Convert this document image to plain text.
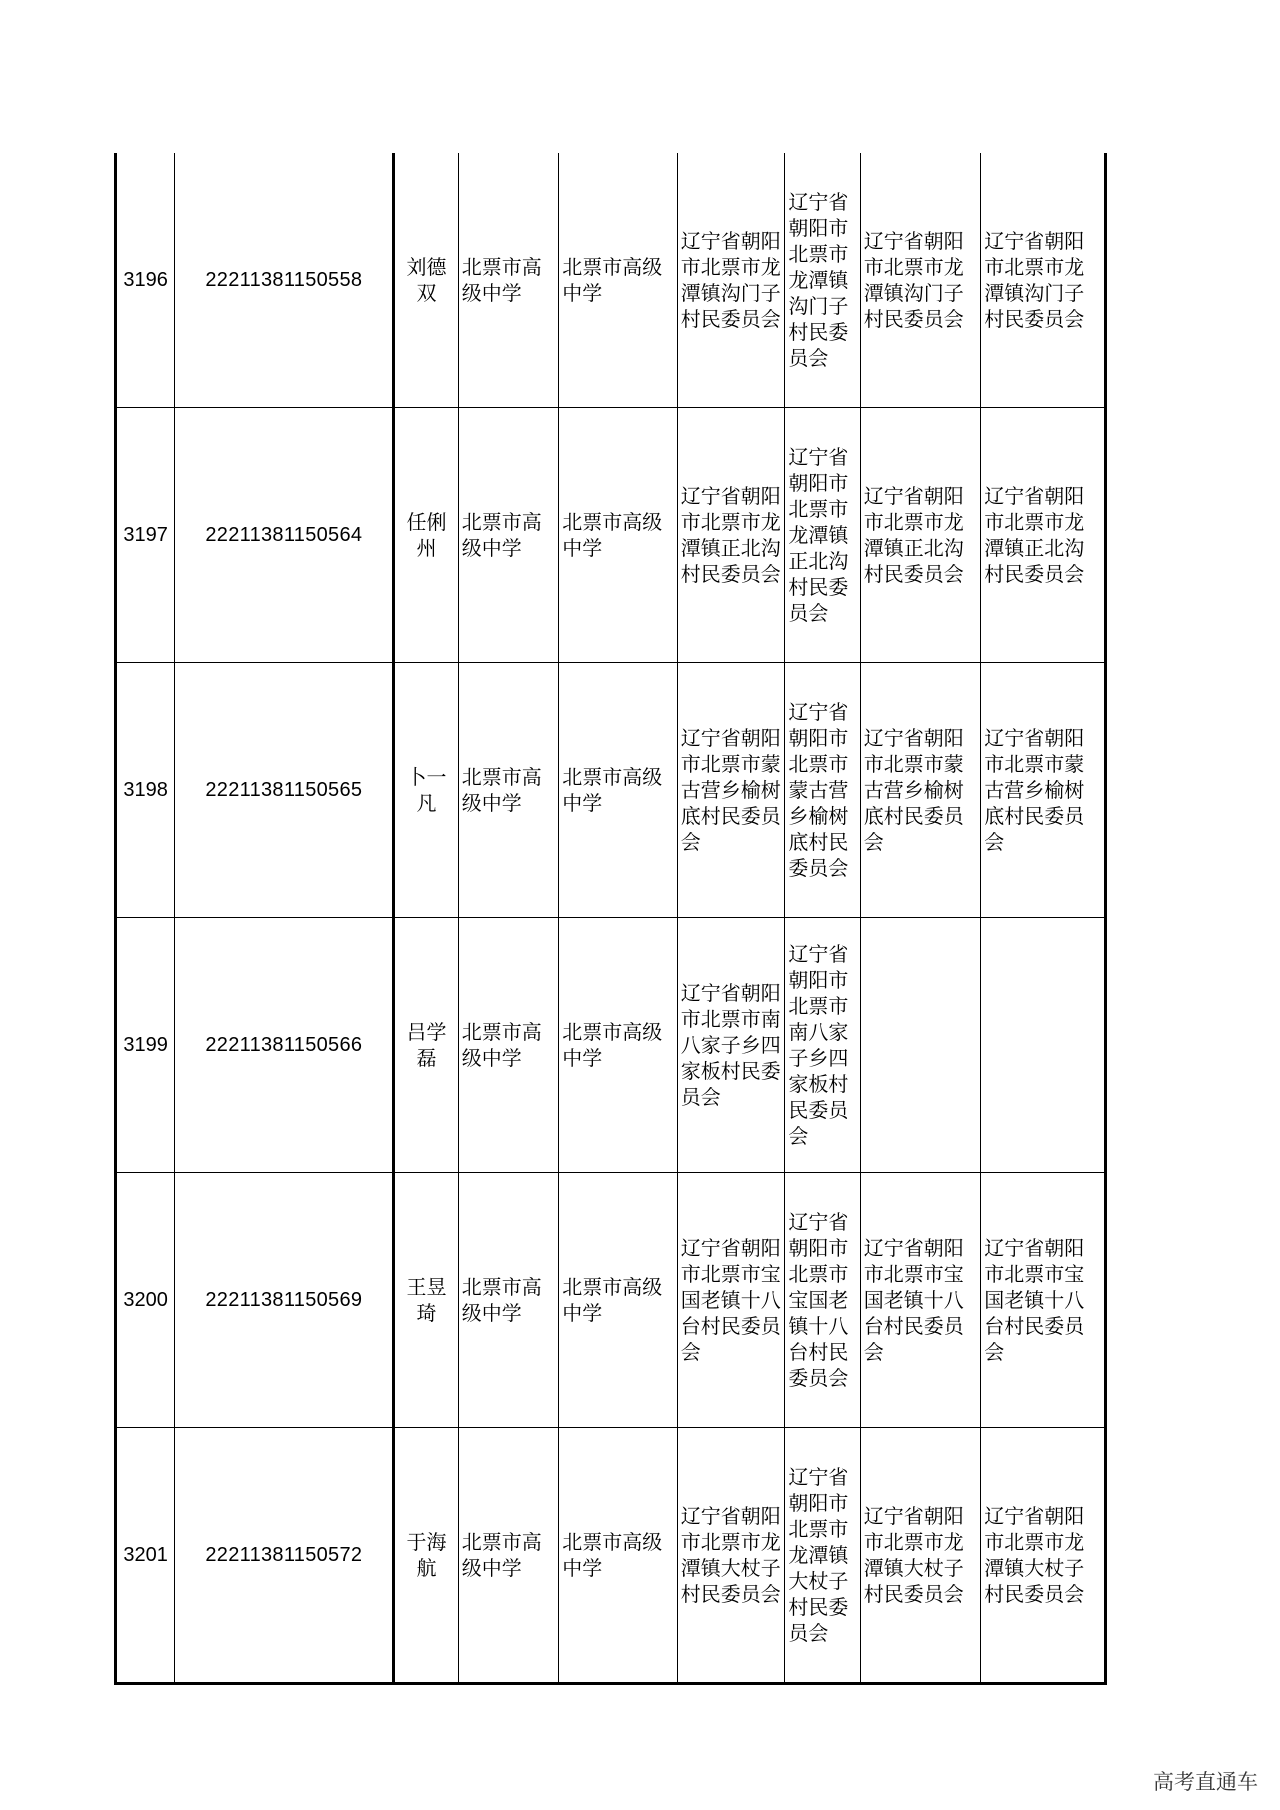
3196	22211381150558	刘德双	北票市高级中学	北票市高级中学	辽宁省朝阳市北票市龙潭镇沟门子村民委员会	辽宁省朝阳市北票市龙潭镇沟门子村民委员会	辽宁省朝阳市北票市龙潭镇沟门子村民委员会	辽宁省朝阳市北票市龙潭镇沟门子村民委员会

3197	22211381150564	任俐州	北票市高级中学	北票市高级中学	辽宁省朝阳市北票市龙潭镇正北沟村民委员会	辽宁省朝阳市北票市龙潭镇正北沟村民委员会	辽宁省朝阳市北票市龙潭镇正北沟村民委员会	辽宁省朝阳市北票市龙潭镇正北沟村民委员会

3198	22211381150565	卜一凡	北票市高级中学	北票市高级中学	辽宁省朝阳市北票市蒙古营乡榆树底村民委员会	辽宁省朝阳市北票市蒙古营乡榆树底村民委员会	辽宁省朝阳市北票市蒙古营乡榆树底村民委员会	辽宁省朝阳市北票市蒙古营乡榆树底村民委员会

3199	22211381150566	吕学磊	北票市高级中学	北票市高级中学	辽宁省朝阳市北票市南八家子乡四家板村民委员会	辽宁省朝阳市北票市南八家子乡四家板村民委员会		

3200	22211381150569	王昱琦	北票市高级中学	北票市高级中学	辽宁省朝阳市北票市宝国老镇十八台村民委员会	辽宁省朝阳市北票市宝国老镇十八台村民委员会	辽宁省朝阳市北票市宝国老镇十八台村民委员会	辽宁省朝阳市北票市宝国老镇十八台村民委员会

3201	22211381150572	于海航	北票市高级中学	北票市高级中学	辽宁省朝阳市北票市龙潭镇大杖子村民委员会	辽宁省朝阳市北票市龙潭镇大杖子村民委员会	辽宁省朝阳市北票市龙潭镇大杖子村民委员会	辽宁省朝阳市北票市龙潭镇大杖子村民委员会
高考直通车
